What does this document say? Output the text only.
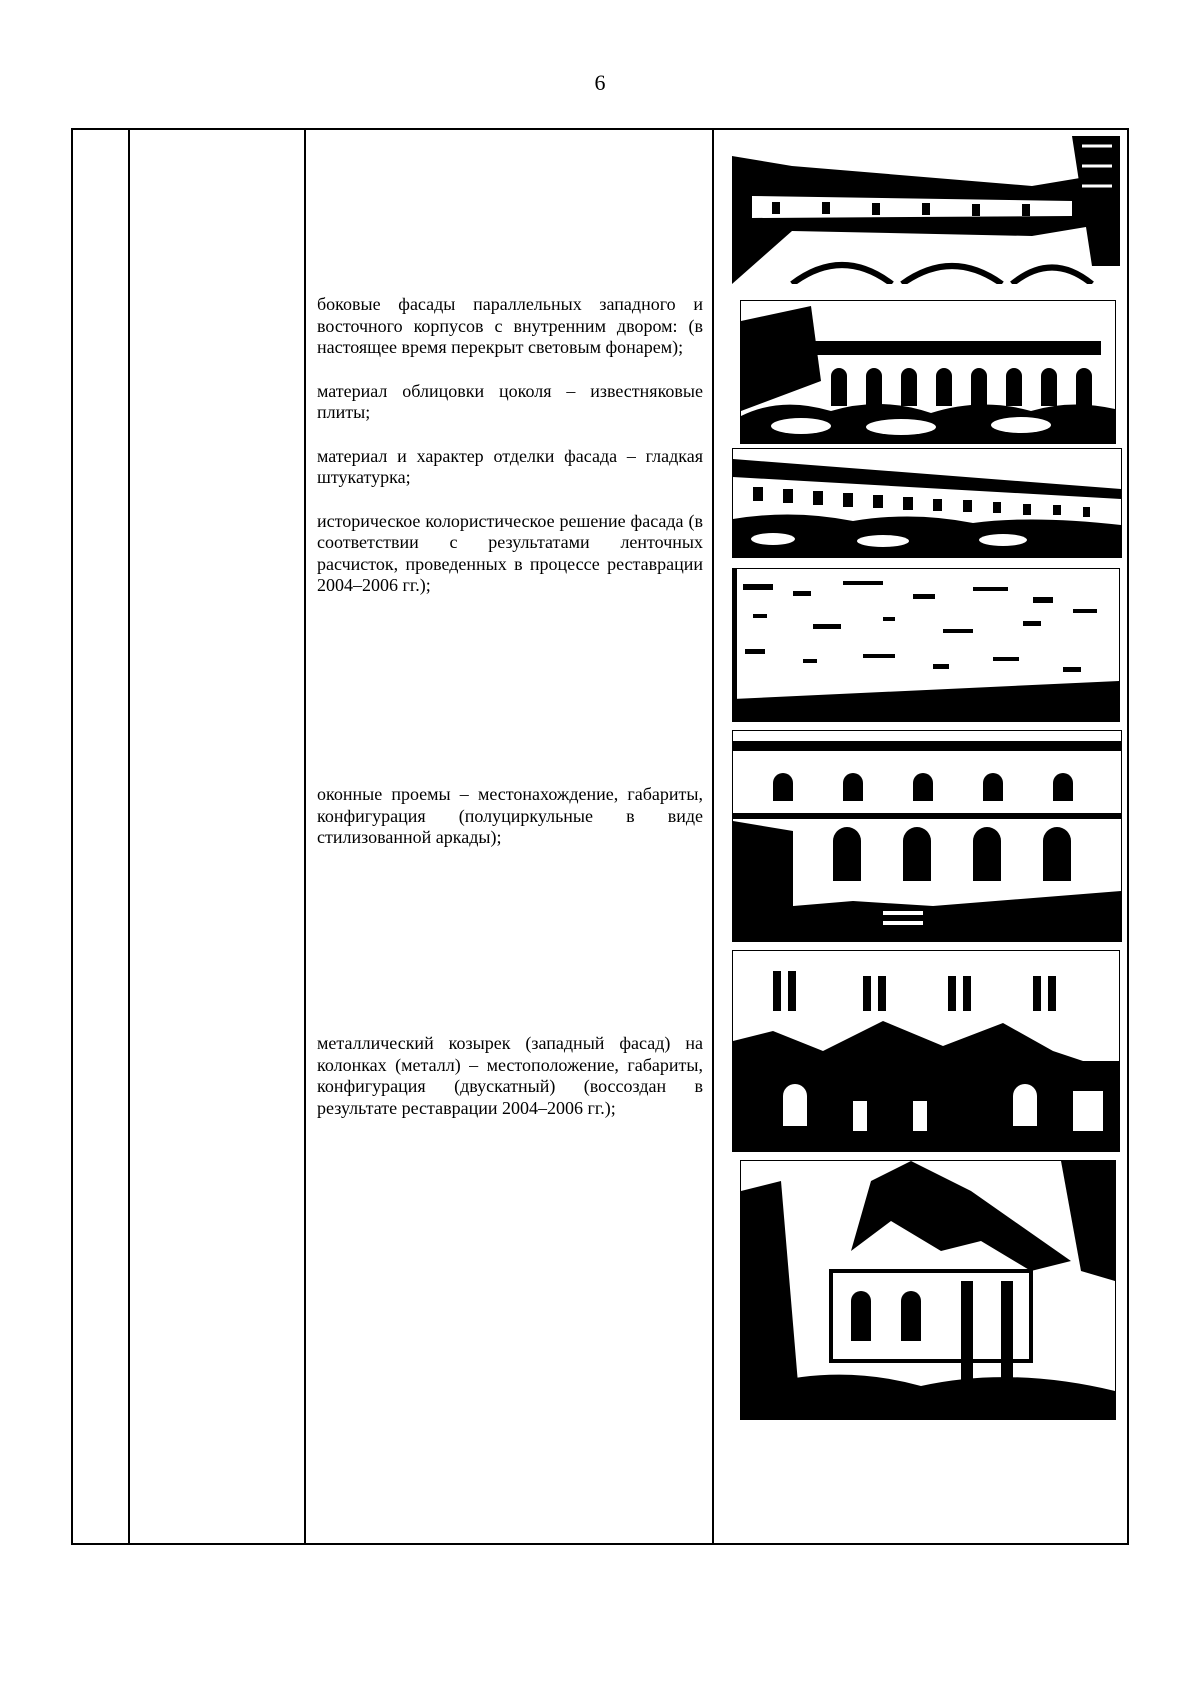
6

боковые фасады параллельных западного и восточного корпусов с внутренним двором: (в настоящее время перекрыт световым фонарем);

материал облицовки цоколя – известняковые плиты;

материал и характер отделки фасада – гладкая штукатурка;

историческое колористическое решение фасада (в соответствии с результатами ленточных расчисток, проведенных в процессе реставрации 2004–2006 гг.);

оконные проемы – местонахождение, габариты, конфигурация (полуциркульные в виде стилизованной аркады);

металлический козырек (западный фасад) на колонках (металл) – местоположение, габариты, конфигурация (двускатный) (воссоздан в результате реставрации 2004–2006 гг.);
